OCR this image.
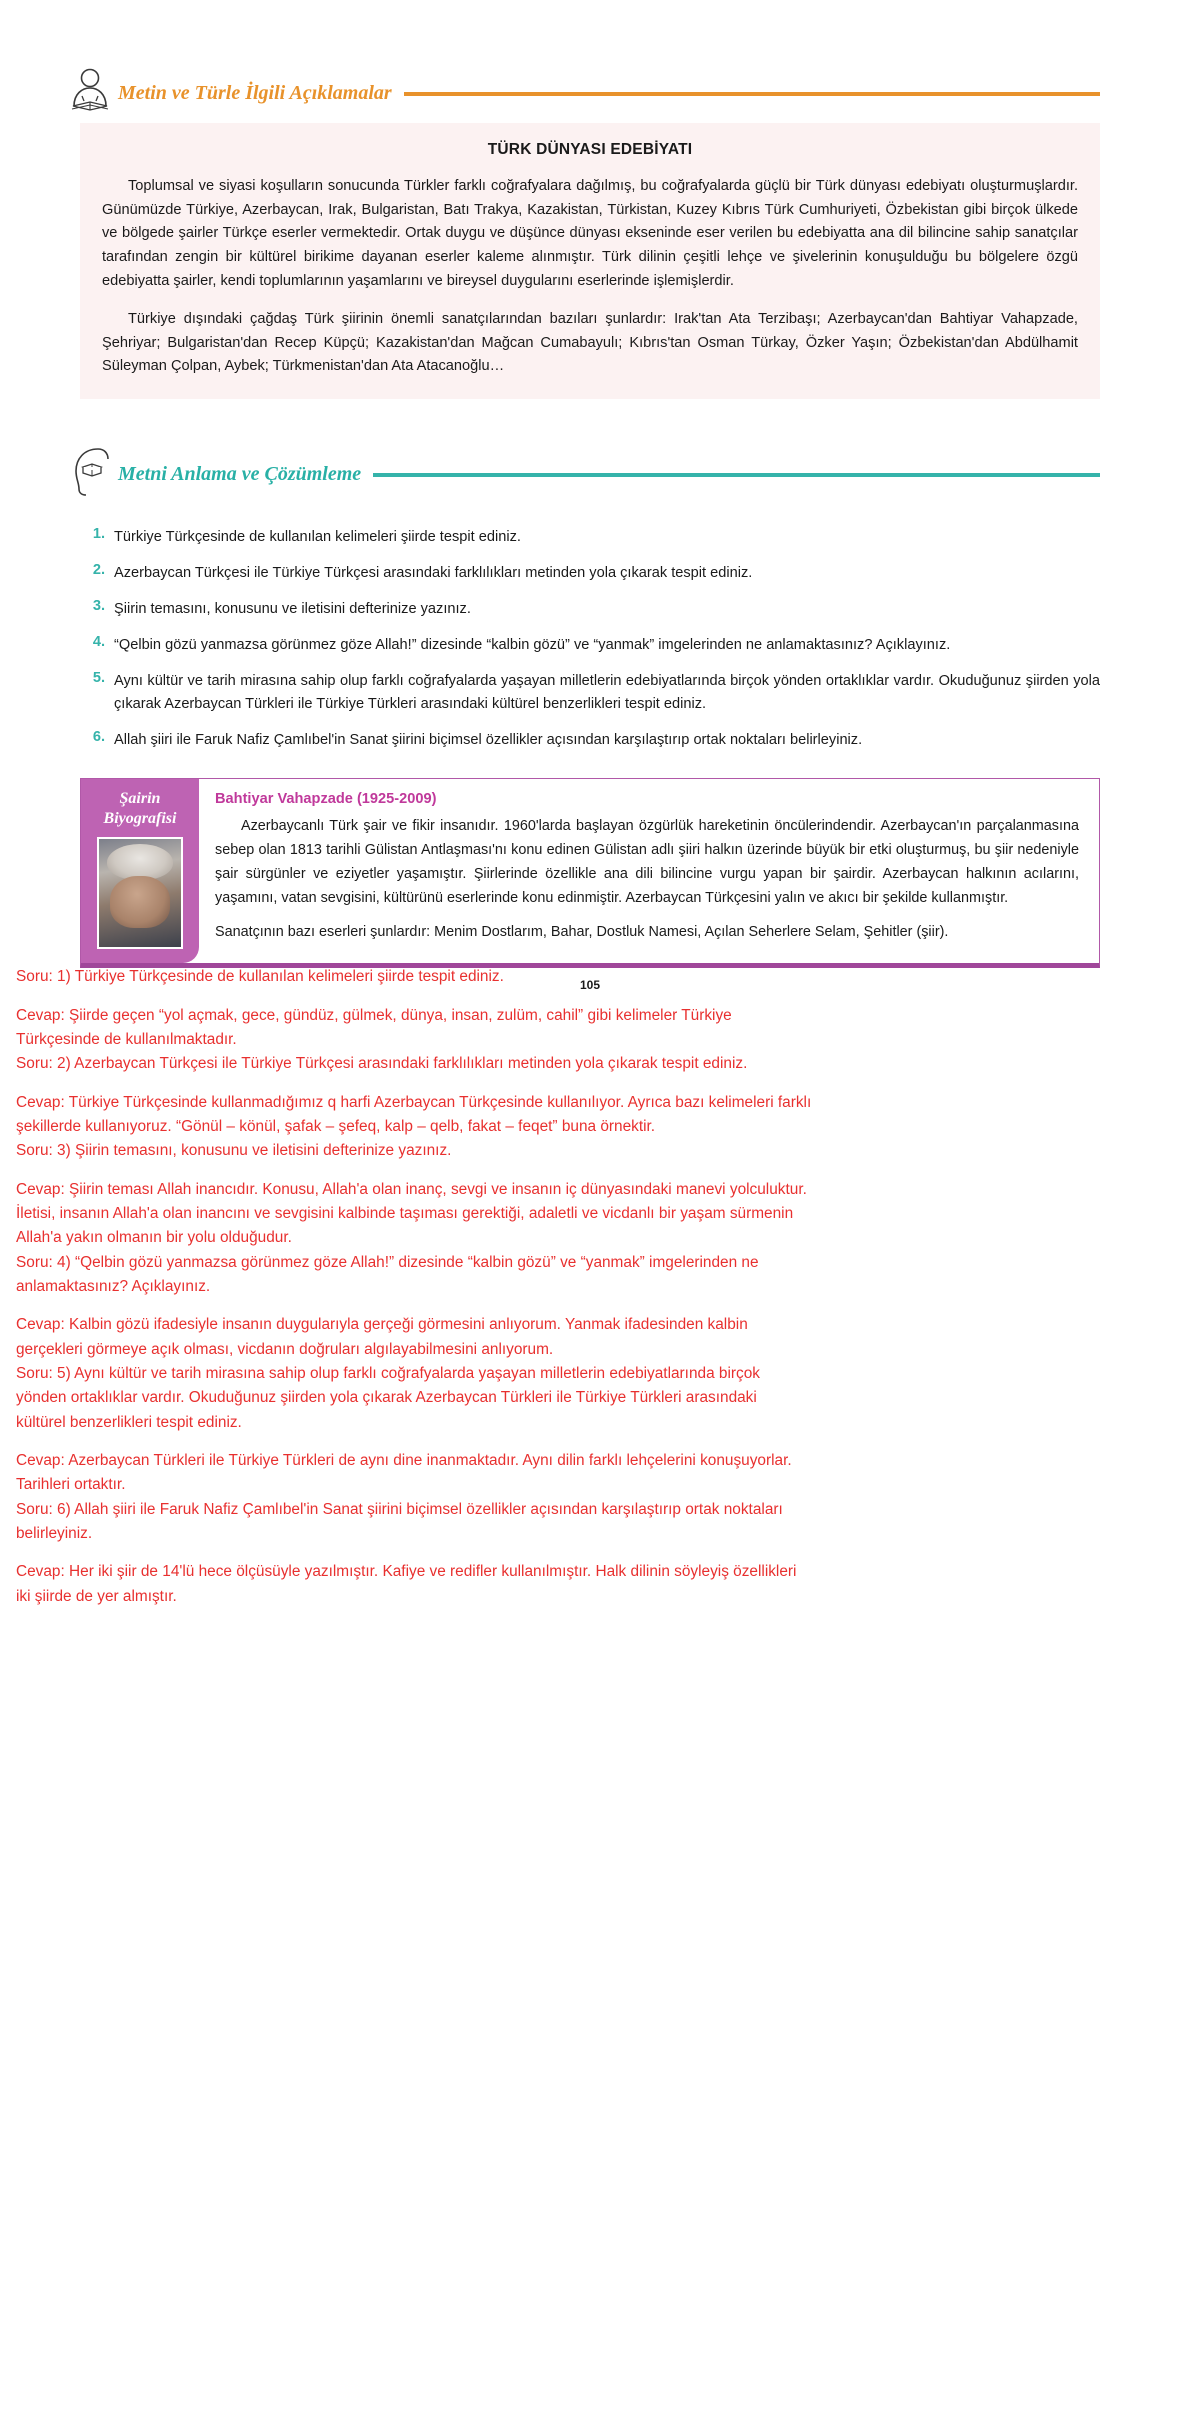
Metin ve Türle İlgili Açıklamalar
TÜRK DÜNYASI EDEBİYATI

Toplumsal ve siyasi koşulların sonucunda Türkler farklı coğrafyalara dağılmış, bu coğrafyalarda güçlü bir Türk dünyası edebiyatı oluşturmuşlardır. Günümüzde Türkiye, Azerbaycan, Irak, Bulgaristan, Batı Trakya, Kazakistan, Türkistan, Kuzey Kıbrıs Türk Cumhuriyeti, Özbekistan gibi birçok ülkede ve bölgede şairler Türkçe eserler vermektedir. Ortak duygu ve düşünce dünyası ekseninde eser verilen bu edebiyatta ana dil bilincine sahip sanatçılar tarafından zengin bir kültürel birikime dayanan eserler kaleme alınmıştır. Türk dilinin çeşitli lehçe ve şivelerinin konuşulduğu bu bölgelere özgü edebiyatta şairler, kendi toplumlarının yaşamlarını ve bireysel duygularını eserlerinde işlemişlerdir.

Türkiye dışındaki çağdaş Türk şiirinin önemli sanatçılarından bazıları şunlardır: Irak'tan Ata Terzibaşı; Azerbaycan'dan Bahtiyar Vahapzade, Şehriyar; Bulgaristan'dan Recep Küpçü; Kazakistan'dan Mağcan Cumabayulı; Kıbrıs'tan Osman Türkay, Özker Yaşın; Özbekistan'dan Abdülhamit Süleyman Çolpan, Aybek; Türkmenistan'dan Ata Atacanoğlu…

Metni Anlama ve Çözümleme
1. Türkiye Türkçesinde de kullanılan kelimeleri şiirde tespit ediniz.
2. Azerbaycan Türkçesi ile Türkiye Türkçesi arasındaki farklılıkları metinden yola çıkarak tespit ediniz.
3. Şiirin temasını, konusunu ve iletisini defterinize yazınız.
4. “Qelbin gözü yanmazsa görünmez göze Allah!” dizesinde “kalbin gözü” ve “yanmak” imgelerinden ne anlamaktasınız? Açıklayınız.
5. Aynı kültür ve tarih mirasına sahip olup farklı coğrafyalarda yaşayan milletlerin edebiyatlarında birçok yönden ortaklıklar vardır. Okuduğunuz şiirden yola çıkarak Azerbaycan Türkleri ile Türkiye Türkleri arasındaki kültürel benzerlikleri tespit ediniz.
6. Allah şiiri ile Faruk Nafiz Çamlıbel'in Sanat şiirini biçimsel özellikler açısından karşılaştırıp ortak noktaları belirleyiniz.
Şairin
Biyografisi
Bahtiyar Vahapzade (1925-2009)

Azerbaycanlı Türk şair ve fikir insanıdır. 1960'larda başlayan özgürlük hareketinin öncülerindendir. Azerbaycan'ın parçalanmasına sebep olan 1813 tarihli Gülistan Antlaşması'nı konu edinen Gülistan adlı şiiri halkın üzerinde büyük bir etki oluşturmuş, bu şiir nedeniyle şair sürgünler ve eziyetler yaşamıştır. Şiirlerinde özellikle ana dili bilincine vurgu yapan bir şairdir. Azerbaycan halkının acılarını, yaşamını, vatan sevgisini, kültürünü eserlerinde konu edinmiştir. Azerbaycan Türkçesini yalın ve akıcı bir şekilde kullanmıştır.

Sanatçının bazı eserleri şunlardır: Menim Dostlarım, Bahar, Dostluk Namesi, Açılan Seherlere Selam, Şehitler (şiir).

105
Soru: 1) Türkiye Türkçesinde de kullanılan kelimeleri şiirde tespit ediniz.
Cevap: Şiirde geçen “yol açmak, gece, gündüz, gülmek, dünya, insan, zulüm, cahil” gibi kelimeler Türkiye
Türkçesinde de kullanılmaktadır.
Soru: 2) Azerbaycan Türkçesi ile Türkiye Türkçesi arasındaki farklılıkları metinden yola çıkarak tespit ediniz.
Cevap: Türkiye Türkçesinde kullanmadığımız q harfi Azerbaycan Türkçesinde kullanılıyor. Ayrıca bazı kelimeleri farklı
şekillerde kullanıyoruz. “Gönül – könül, şafak – şefeq, kalp – qelb, fakat – feqet” buna örnektir.
Soru: 3) Şiirin temasını, konusunu ve iletisini defterinize yazınız.
Cevap: Şiirin teması Allah inancıdır. Konusu, Allah'a olan inanç, sevgi ve insanın iç dünyasındaki manevi yolculuktur.
İletisi, insanın Allah'a olan inancını ve sevgisini kalbinde taşıması gerektiği, adaletli ve vicdanlı bir yaşam sürmenin
Allah'a yakın olmanın bir yolu olduğudur.
Soru: 4) “Qelbin gözü yanmazsa görünmez göze Allah!” dizesinde “kalbin gözü” ve “yanmak” imgelerinden ne
anlamaktasınız? Açıklayınız.
Cevap: Kalbin gözü ifadesiyle insanın duygularıyla gerçeği görmesini anlıyorum. Yanmak ifadesinden kalbin
gerçekleri görmeye açık olması, vicdanın doğruları algılayabilmesini anlıyorum.
Soru: 5) Aynı kültür ve tarih mirasına sahip olup farklı coğrafyalarda yaşayan milletlerin edebiyatlarında birçok
yönden ortaklıklar vardır. Okuduğunuz şiirden yola çıkarak Azerbaycan Türkleri ile Türkiye Türkleri arasındaki
kültürel benzerlikleri tespit ediniz.
Cevap: Azerbaycan Türkleri ile Türkiye Türkleri de aynı dine inanmaktadır. Aynı dilin farklı lehçelerini konuşuyorlar.
Tarihleri ortaktır.
Soru: 6) Allah şiiri ile Faruk Nafiz Çamlıbel'in Sanat şiirini biçimsel özellikler açısından karşılaştırıp ortak noktaları
belirleyiniz.
Cevap: Her iki şiir de 14'lü hece ölçüsüyle yazılmıştır. Kafiye ve redifler kullanılmıştır. Halk dilinin söyleyiş özellikleri
iki şiirde de yer almıştır.
